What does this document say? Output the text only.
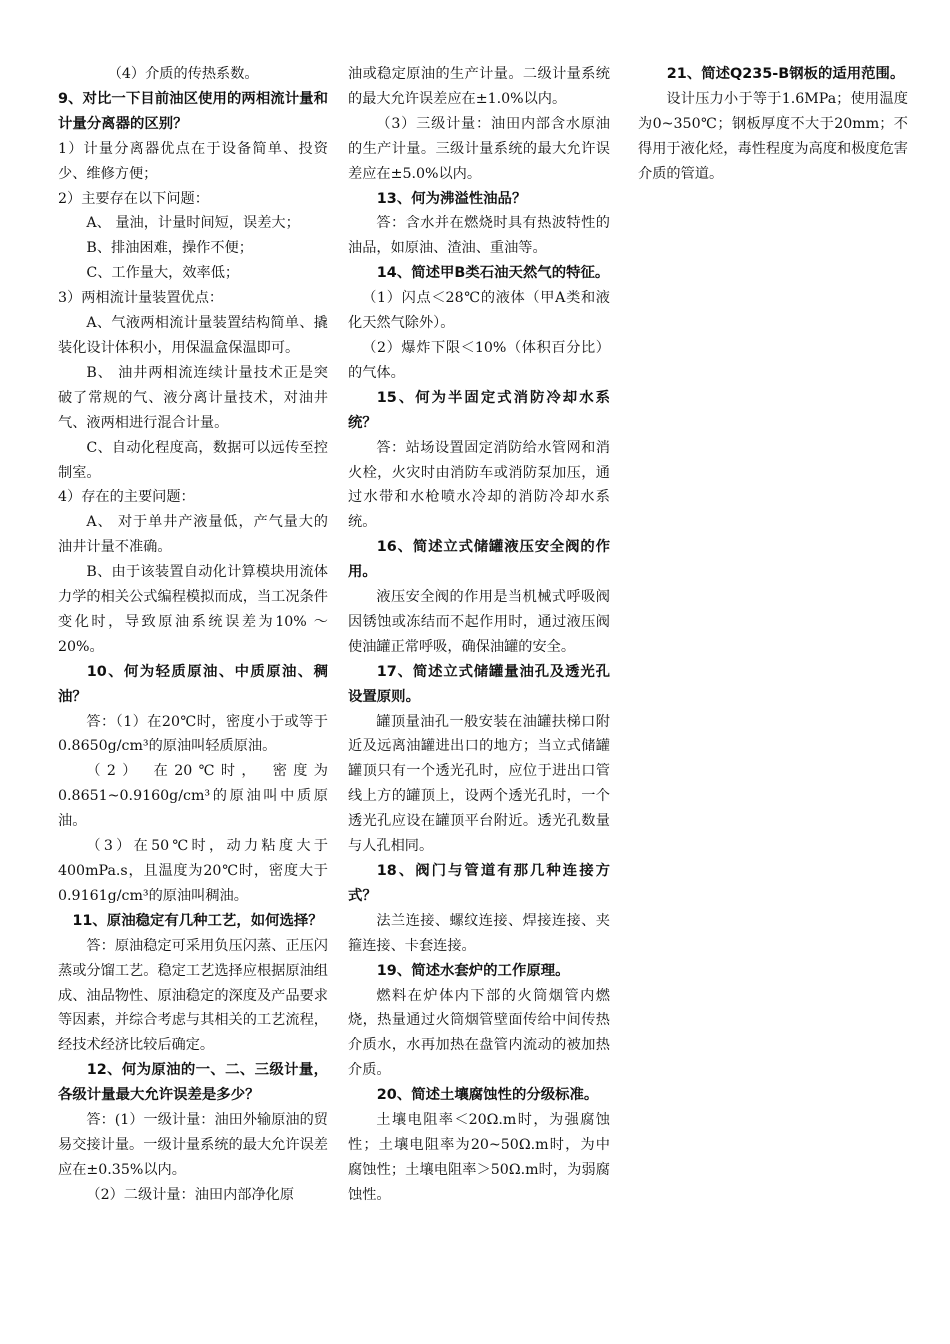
（4）介质的传热系数。

9、对比一下目前油区使用的两相流计量和计量分离器的区别？

1）计量分离器优点在于设备简单、投资少、维修方便；

2）主要存在以下问题：

A、 量油，计量时间短，误差大；

B、排油困难，操作不便；

C、工作量大，效率低；

3）两相流计量装置优点：

A、气液两相流计量装置结构简单、撬装化设计体积小，用保温盒保温即可。

B、 油井两相流连续计量技术正是突破了常规的气、液分离计量技术，对油井气、液两相进行混合计量。

C、自动化程度高，数据可以远传至控制室。

4）存在的主要问题：

A、 对于单井产液量低，产气量大的油井计量不准确。

B、由于该装置自动化计算模块用流体力学的相关公式编程模拟而成，当工况条件变化时，导致原油系统误差为10% ～20%。

10、何为轻质原油、中质原油、稠油？

答：（1）在20℃时，密度小于或等于0.8650g/cm³的原油叫轻质原油。

（2） 在20℃时， 密度为0.8651~0.9160g/cm³的原油叫中质原油。

（3）在50℃时，动力粘度大于400mPa.s，且温度为20℃时，密度大于0.9161g/cm³的原油叫稠油。

11、原油稳定有几种工艺，如何选择？

答：原油稳定可采用负压闪蒸、正压闪蒸或分馏工艺。稳定工艺选择应根据原油组成、油品物性、原油稳定的深度及产品要求等因素，并综合考虑与其相关的工艺流程，经技术经济比较后确定。

12、何为原油的一、二、三级计量，各级计量最大允许误差是多少？

答：(1）一级计量：油田外输原油的贸易交接计量。一级计量系统的最大允许误差应在±0.35%以内。

（2）二级计量：油田内部净化原

油或稳定原油的生产计量。二级计量系统的最大允许误差应在±1.0%以内。

（3）三级计量：油田内部含水原油的生产计量。三级计量系统的最大允许误差应在±5.0%以内。

13、何为沸溢性油品？

答：含水并在燃烧时具有热波特性的油品，如原油、渣油、重油等。

14、简述甲B类石油天然气的特征。

（1）闪点＜28℃的液体（甲A类和液化天然气除外）。

（2）爆炸下限＜10%（体积百分比）的气体。

15、何为半固定式消防冷却水系统？

答：站场设置固定消防给水管网和消火栓，火灾时由消防车或消防泵加压，通过水带和水枪喷水冷却的消防冷却水系统。

16、简述立式储罐液压安全阀的作用。

液压安全阀的作用是当机械式呼吸阀因锈蚀或冻结而不起作用时，通过液压阀使油罐正常呼吸，确保油罐的安全。

17、简述立式储罐量油孔及透光孔设置原则。

罐顶量油孔一般安装在油罐扶梯口附近及远离油罐进出口的地方；当立式储罐罐顶只有一个透光孔时，应位于进出口管线上方的罐顶上，设两个透光孔时，一个透光孔应设在罐顶平台附近。透光孔数量与人孔相同。

18、阀门与管道有那几种连接方式？

法兰连接、螺纹连接、焊接连接、夹箍连接、卡套连接。

19、简述水套炉的工作原理。

燃料在炉体内下部的火筒烟管内燃烧，热量通过火筒烟管壁面传给中间传热介质水，水再加热在盘管内流动的被加热介质。

20、简述土壤腐蚀性的分级标准。

土壤电阻率＜20Ω.m时，为强腐蚀性；土壤电阻率为20~50Ω.m时，为中腐蚀性；土壤电阻率＞50Ω.m时，为弱腐蚀性。

21、简述Q235-B钢板的适用范围。

设计压力小于等于1.6MPa；使用温度为0~350℃；钢板厚度不大于20mm；不得用于液化烃，毒性程度为高度和极度危害介质的管道。
